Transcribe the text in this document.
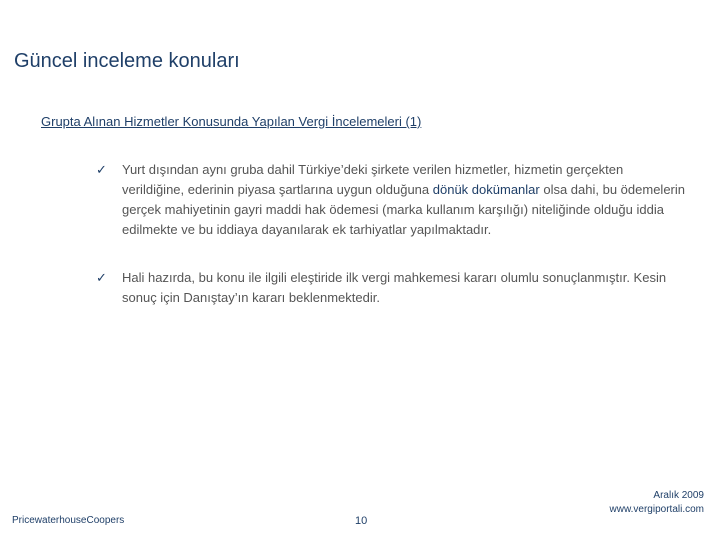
Güncel inceleme konuları
Grupta Alınan Hizmetler Konusunda Yapılan Vergi İncelemeleri (1)
✓	Yurt dışından aynı gruba dahil Türkiye’deki şirkete verilen hizmetler, hizmetin gerçekten verildiğine, ederinin piyasa şartlarına uygun olduğuna dönük dokümanlar olsa dahi, bu ödemelerin gerçek mahiyetinin gayri maddi hak ödemesi (marka kullanım karşılığı) niteliğinde olduğu iddia edilmekte ve bu iddiaya dayanılarak ek tarhiyatlar yapılmaktadır.
✓	Hali hazırda, bu konu ile ilgili eleştiride ilk vergi mahkemesi kararı olumlu sonuçlanmıştır. Kesin sonuç için Danıştay’ın kararı beklenmektedir.
PricewaterhouseCoopers	10
Aralık 2009
www.vergiportali.com
